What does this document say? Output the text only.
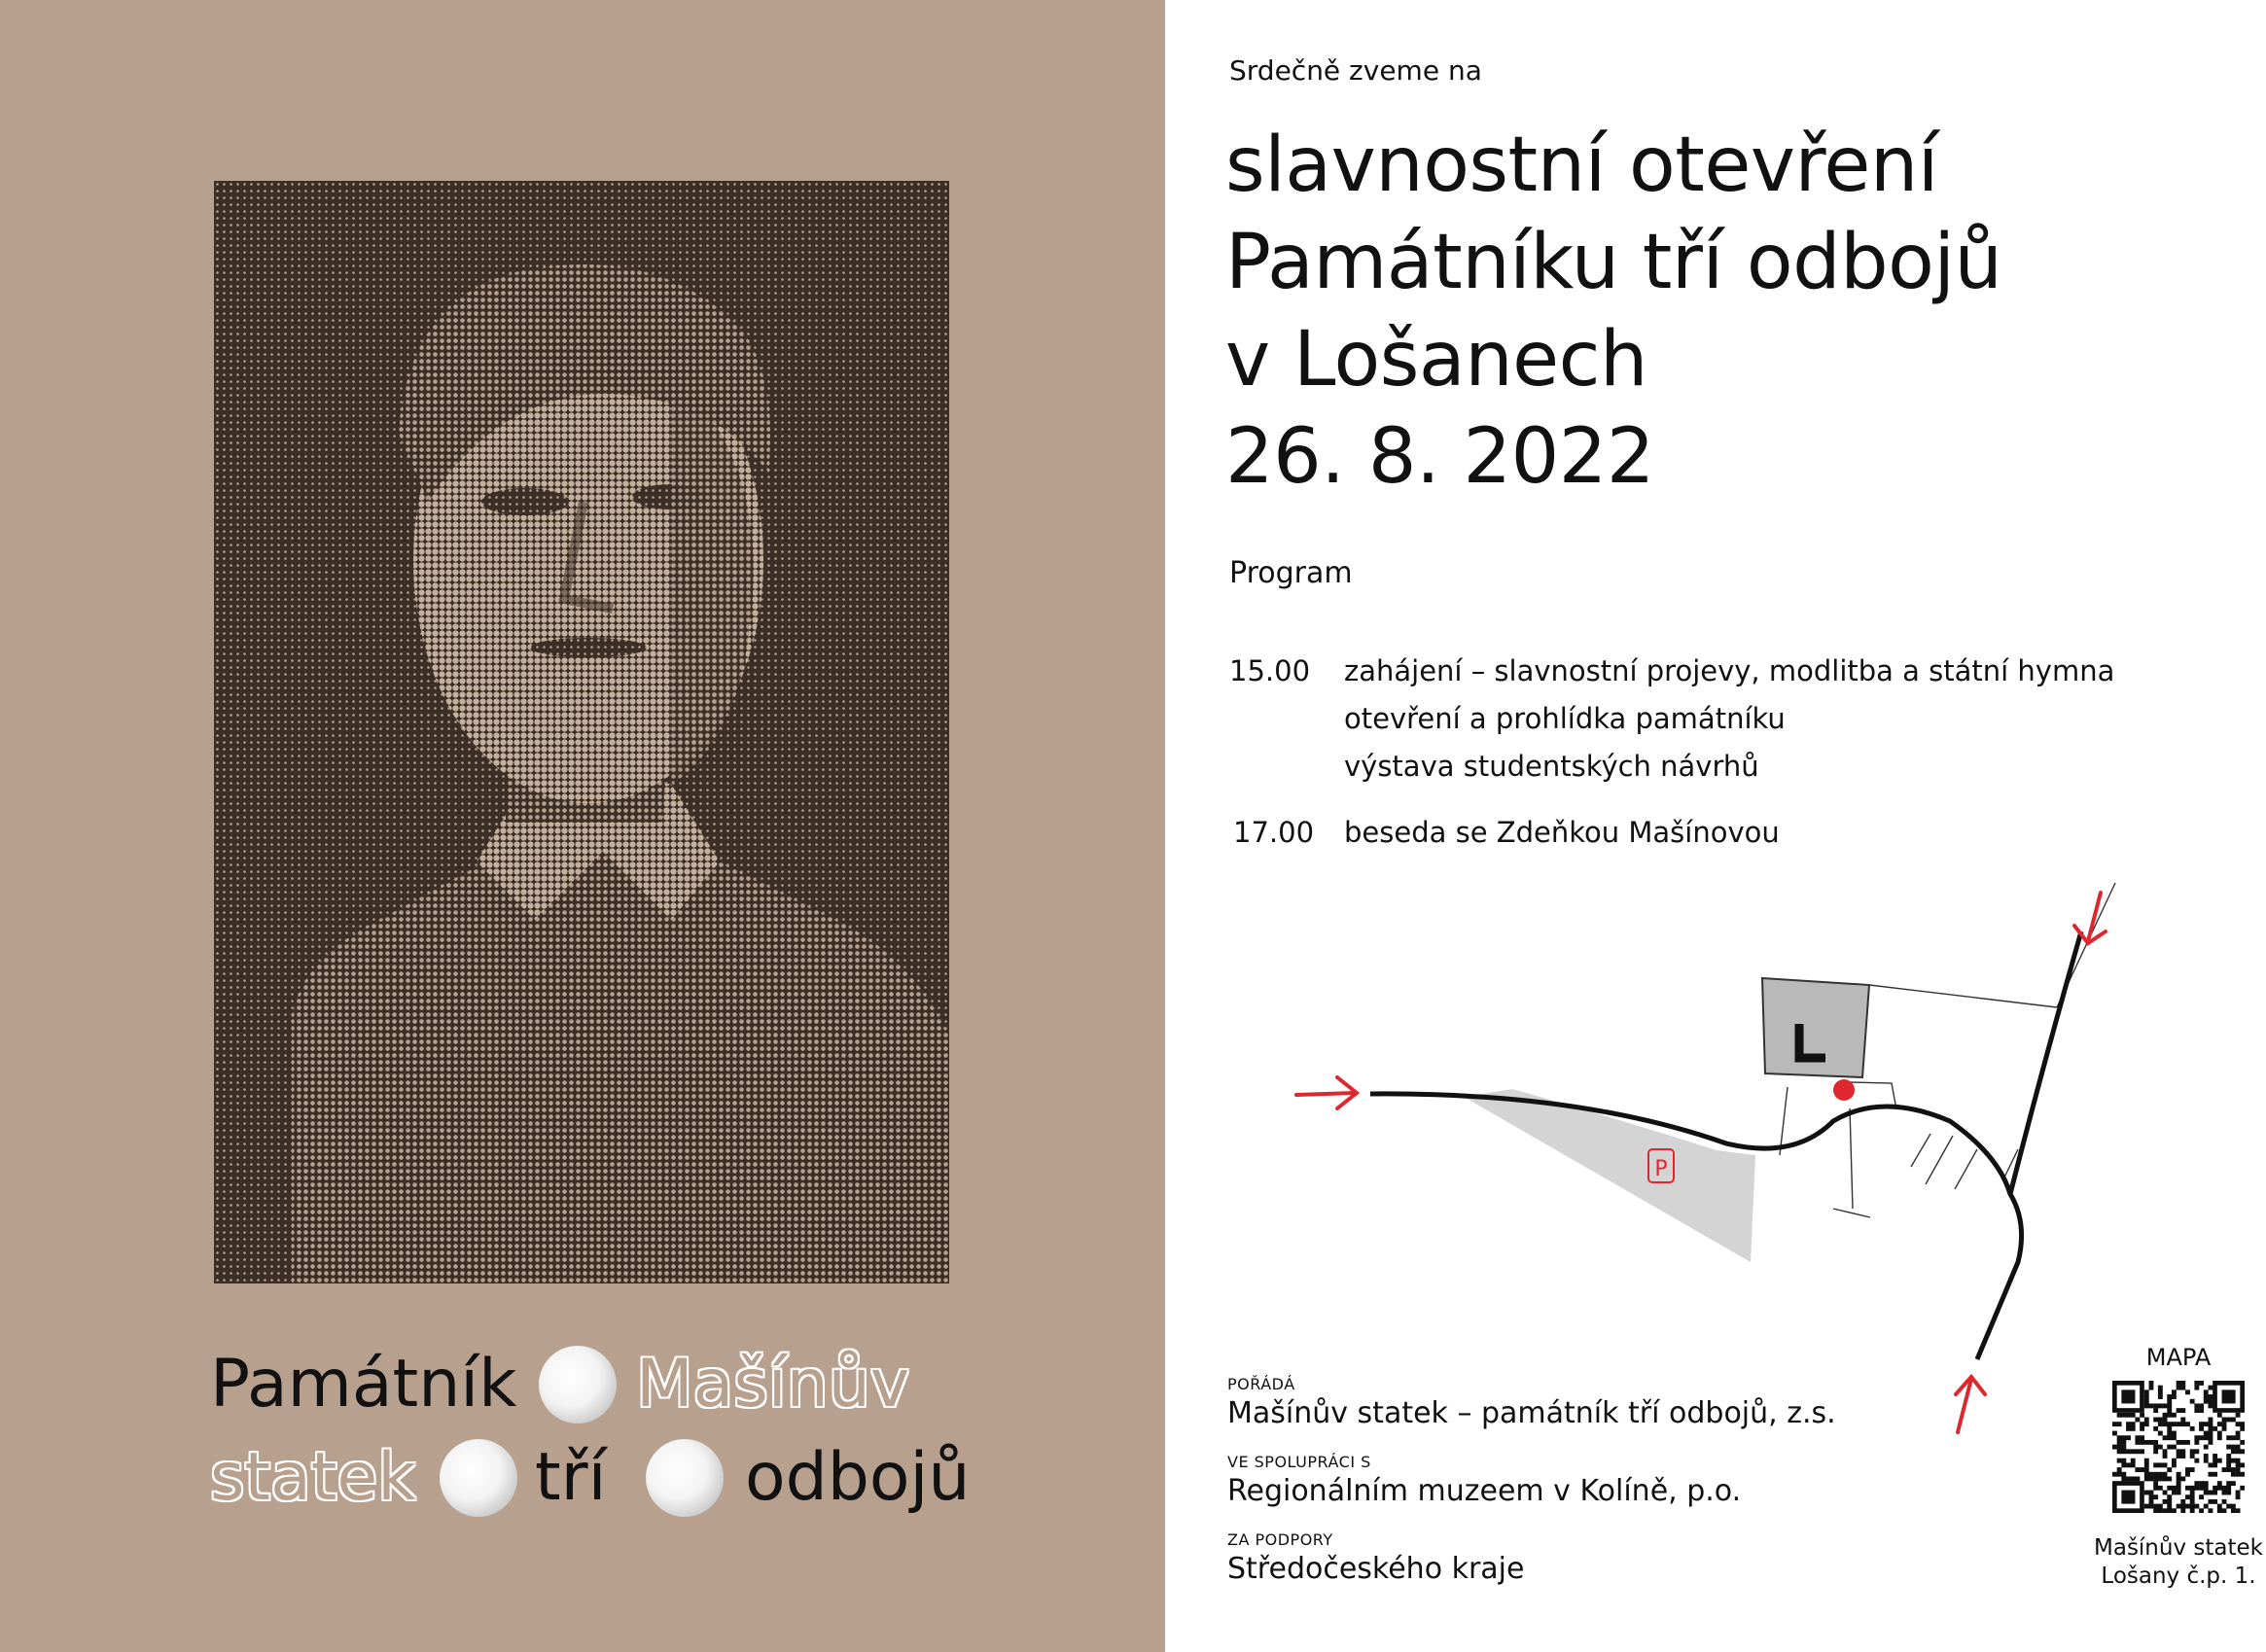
Památník Mašínův
statek tří odbojů
Srdečně zveme na
slavnostní otevření
Památníku tří odbojů
v Lošanech
26. 8. 2022
Program
15.00	zahájení – slavnostní projevy, modlitba a státní hymna
otevření a prohlídka památníku
výstava studentských návrhů
17.00	beseda se Zdeňkou Mašínovou
P
POŘÁDÁ
Mašínův statek – památník tří odbojů, z.s.
VE SPOLUPRÁCI S
Regionálním muzeem v Kolíně, p.o.
ZA PODPORY
Středočeského kraje
MAPA
Mašínův statek
Lošany č.p. 1.
